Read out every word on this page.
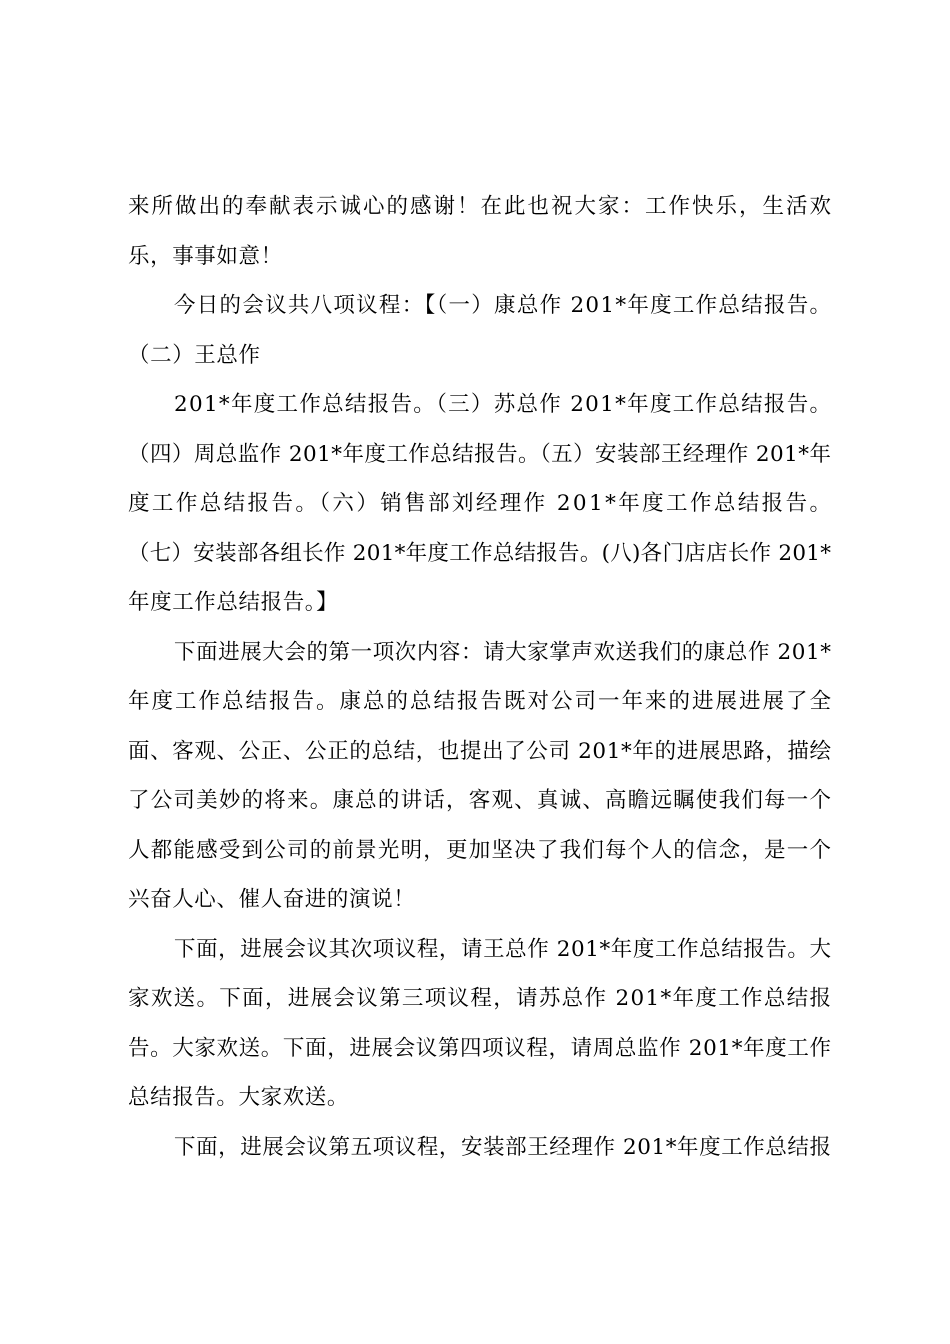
来所做出的奉献表示诚心的感谢！在此也祝大家：工作快乐，生活欢
乐，事事如意！
今日的会议共八项议程：【（一）康总作 201*年度工作总结报告。
（二）王总作
201*年度工作总结报告。（三）苏总作 201*年度工作总结报告。
（四）周总监作 201*年度工作总结报告。（五）安装部王经理作 201*年
度工作总结报告。（六）销售部刘经理作 201*年度工作总结报告。
（七）安装部各组长作 201*年度工作总结报告。(八)各门店店长作 201*
年度工作总结报告。】
下面进展大会的第一项次内容：请大家掌声欢送我们的康总作 201*
年度工作总结报告。康总的总结报告既对公司一年来的进展进展了全
面、客观、公正、公正的总结，也提出了公司 201*年的进展思路，描绘
了公司美妙的将来。康总的讲话，客观、真诚、高瞻远瞩使我们每一个
人都能感受到公司的前景光明，更加坚决了我们每个人的信念，是一个
兴奋人心、催人奋进的演说！
下面，进展会议其次项议程，请王总作 201*年度工作总结报告。大
家欢送。下面，进展会议第三项议程，请苏总作 201*年度工作总结报
告。大家欢送。下面，进展会议第四项议程，请周总监作 201*年度工作
总结报告。大家欢送。
下面，进展会议第五项议程，安装部王经理作 201*年度工作总结报
